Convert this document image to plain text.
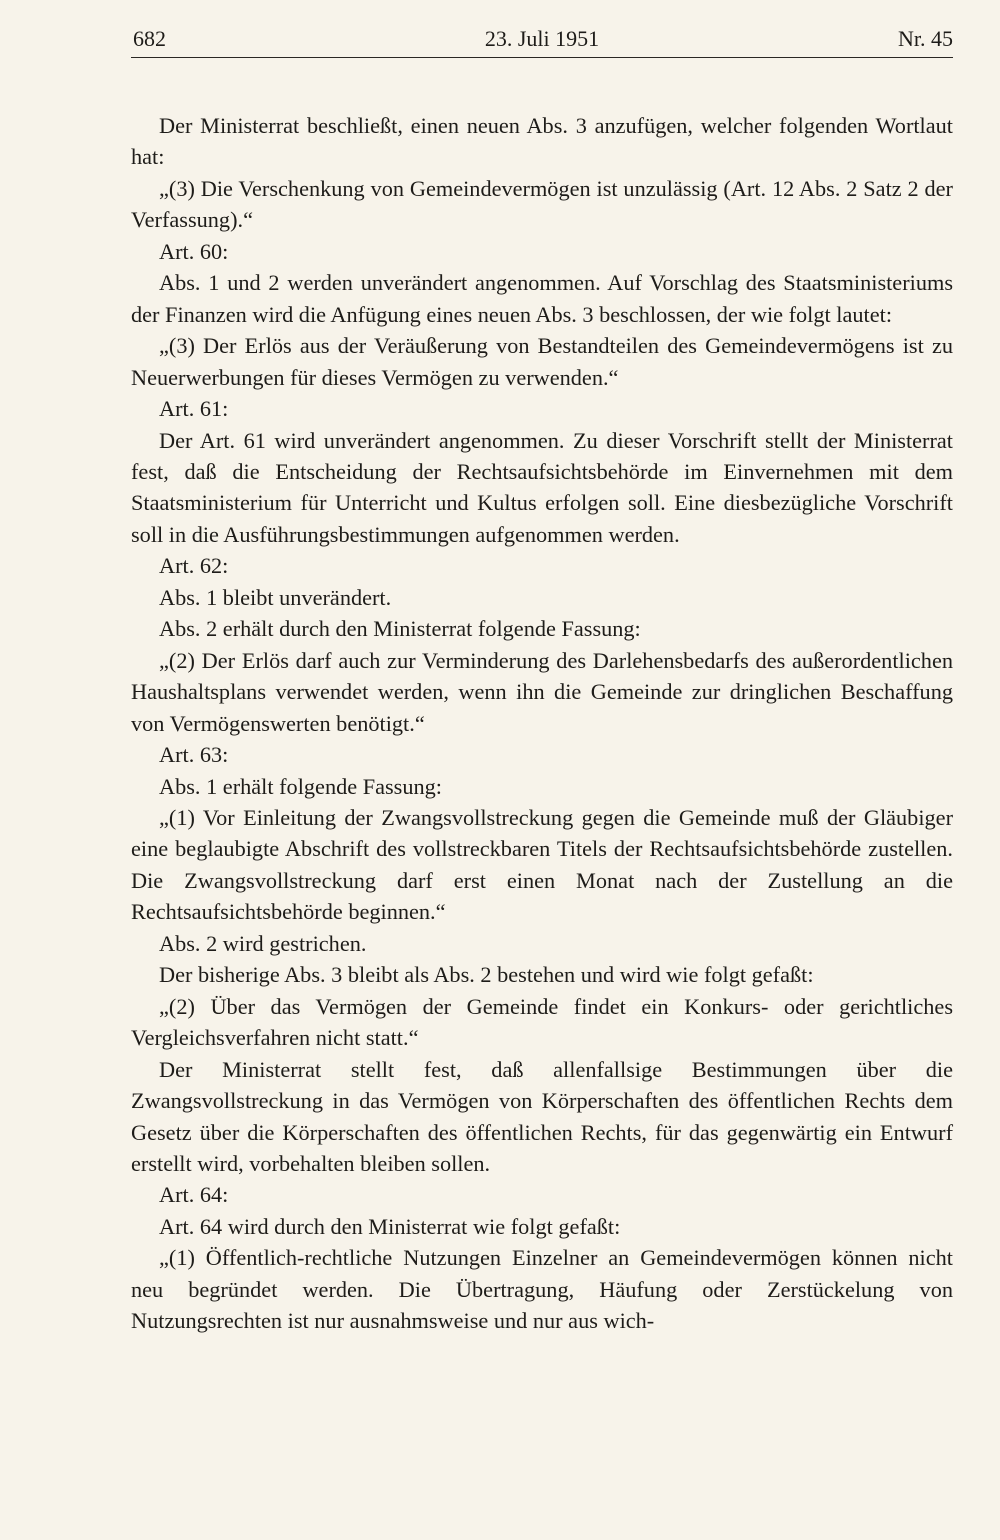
682	23. Juli 1951	Nr. 45

Der Ministerrat beschließt, einen neuen Abs. 3 anzufügen, welcher folgenden Wortlaut hat:

„(3) Die Verschenkung von Gemeindevermögen ist unzulässig (Art. 12 Abs. 2 Satz 2 der Verfassung).“

Art. 60:

Abs. 1 und 2 werden unverändert angenommen. Auf Vorschlag des Staatsministeriums der Finanzen wird die Anfügung eines neuen Abs. 3 beschlossen, der wie folgt lautet:

„(3) Der Erlös aus der Veräußerung von Bestandteilen des Gemeindevermögens ist zu Neuerwerbungen für dieses Vermögen zu verwenden.“

Art. 61:

Der Art. 61 wird unverändert angenommen. Zu dieser Vorschrift stellt der Ministerrat fest, daß die Entscheidung der Rechtsaufsichtsbehörde im Einvernehmen mit dem Staatsministerium für Unterricht und Kultus erfolgen soll. Eine diesbezügliche Vorschrift soll in die Ausführungsbestimmungen aufgenommen werden.

Art. 62:

Abs. 1 bleibt unverändert.

Abs. 2 erhält durch den Ministerrat folgende Fassung:

„(2) Der Erlös darf auch zur Verminderung des Darlehensbedarfs des außerordentlichen Haushaltsplans verwendet werden, wenn ihn die Gemeinde zur dringlichen Beschaffung von Vermögenswerten benötigt.“

Art. 63:

Abs. 1 erhält folgende Fassung:

„(1) Vor Einleitung der Zwangsvollstreckung gegen die Gemeinde muß der Gläubiger eine beglaubigte Abschrift des vollstreckbaren Titels der Rechtsaufsichtsbehörde zustellen. Die Zwangsvollstreckung darf erst einen Monat nach der Zustellung an die Rechtsaufsichtsbehörde beginnen.“

Abs. 2 wird gestrichen.

Der bisherige Abs. 3 bleibt als Abs. 2 bestehen und wird wie folgt gefaßt:

„(2) Über das Vermögen der Gemeinde findet ein Konkurs- oder gerichtliches Vergleichsverfahren nicht statt.“

Der Ministerrat stellt fest, daß allenfallsige Bestimmungen über die Zwangsvollstreckung in das Vermögen von Körperschaften des öffentlichen Rechts dem Gesetz über die Körperschaften des öffentlichen Rechts, für das gegenwärtig ein Entwurf erstellt wird, vorbehalten bleiben sollen.

Art. 64:

Art. 64 wird durch den Ministerrat wie folgt gefaßt:

„(1) Öffentlich-rechtliche Nutzungen Einzelner an Gemeindevermögen können nicht neu begründet werden. Die Übertragung, Häufung oder Zerstückelung von Nutzungsrechten ist nur ausnahmsweise und nur aus wich-
